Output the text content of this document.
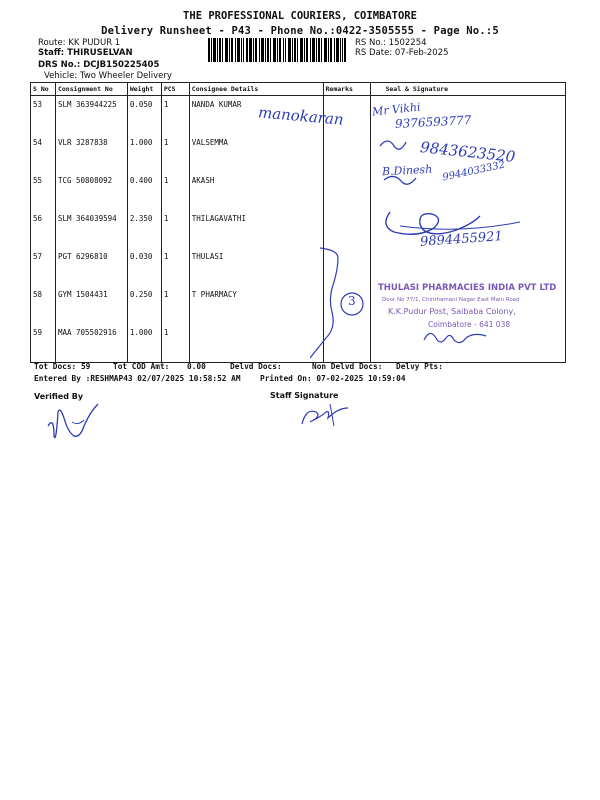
THE PROFESSIONAL COURIERS, COIMBATORE
Delivery Runsheet - P43 - Phone No.:0422-3505555 - Page No.:5
Route: KK PUDUR 1
Staff: THIRUSELVAN
DRS No.: DCJB150225405
Vehicle: Two Wheeler Delivery
RS No.: 1502254
RS Date: 07-Feb-2025
S No	Consignment No	Weight	PCS	Consignee Details	Remarks	Seal & Signature
53	SLM 363944225	0.050	1	NANDA KUMAR		
54	VLR 3287838	1.000	1	VALSEMMA		
55	TCG 50808092	0.400	1	AKASH		
56	SLM 364039594	2.350	1	THILAGAVATHI		
57	PGT 6296810	0.030	1	THULASI		
58	GYM 1504431	0.250	1	T PHARMACY		
59	MAA 705502916	1.000	1			
manokaran Mr Vikhi
9376593777
9843623520
B.Dinesh 9944033332
9894455921
3
THULASI PHARMACIES INDIA PVT LTD
Door No 77/1, Chinthamani Nagar East Main Road
K.K.Pudur Post, Saibaba Colony,
Coimbatore - 641 038
Tot Docs: 59	Tot COD Amt: 0.00	Delvd Docs:	Non Delvd Docs: Delvy Pts:
Entered By :RESHMAP43 02/07/2025 10:58:52 AM Printed On: 07-02-2025 10:59:04
Verified By	Staff Signature
